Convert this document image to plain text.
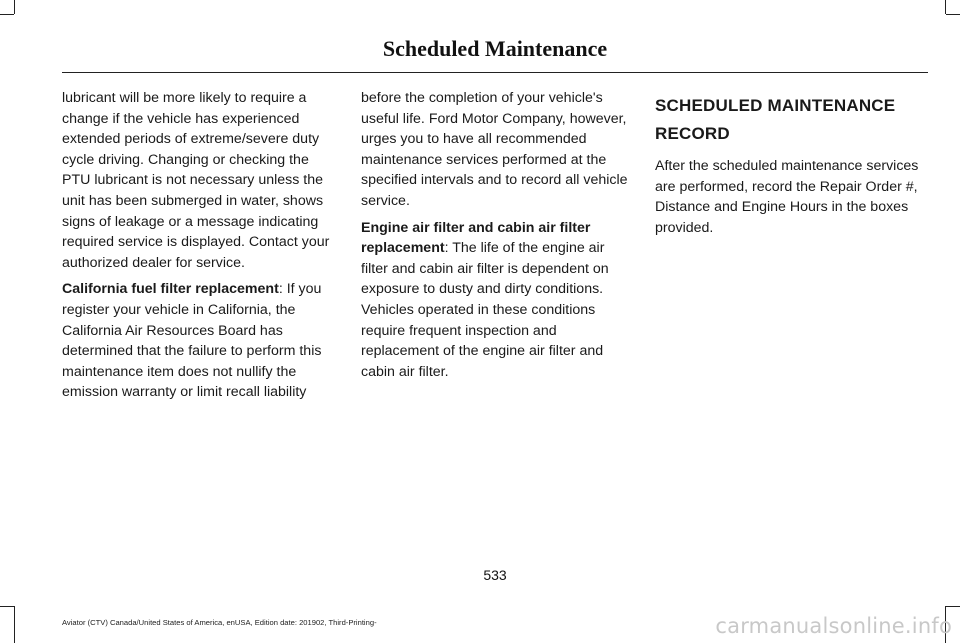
Scheduled Maintenance

lubricant will be more likely to require a change if the vehicle has experienced extended periods of extreme/severe duty cycle driving. Changing or checking the PTU lubricant is not necessary unless the unit has been submerged in water, shows signs of leakage or a message indicating required service is displayed. Contact your authorized dealer for service.

California fuel filter replacement: If you register your vehicle in California, the California Air Resources Board has determined that the failure to perform this maintenance item does not nullify the emission warranty or limit recall liability

before the completion of your vehicle's useful life. Ford Motor Company, however, urges you to have all recommended maintenance services performed at the specified intervals and to record all vehicle service.

Engine air filter and cabin air filter replacement: The life of the engine air filter and cabin air filter is dependent on exposure to dusty and dirty conditions. Vehicles operated in these conditions require frequent inspection and replacement of the engine air filter and cabin air filter.

SCHEDULED MAINTENANCE
RECORD

After the scheduled maintenance services are performed, record the Repair Order #, Distance and Engine Hours in the boxes provided.

533
Aviator (CTV) Canada/United States of America, enUSA, Edition date: 201902, Third-Printing-	carmanualsonline.info
